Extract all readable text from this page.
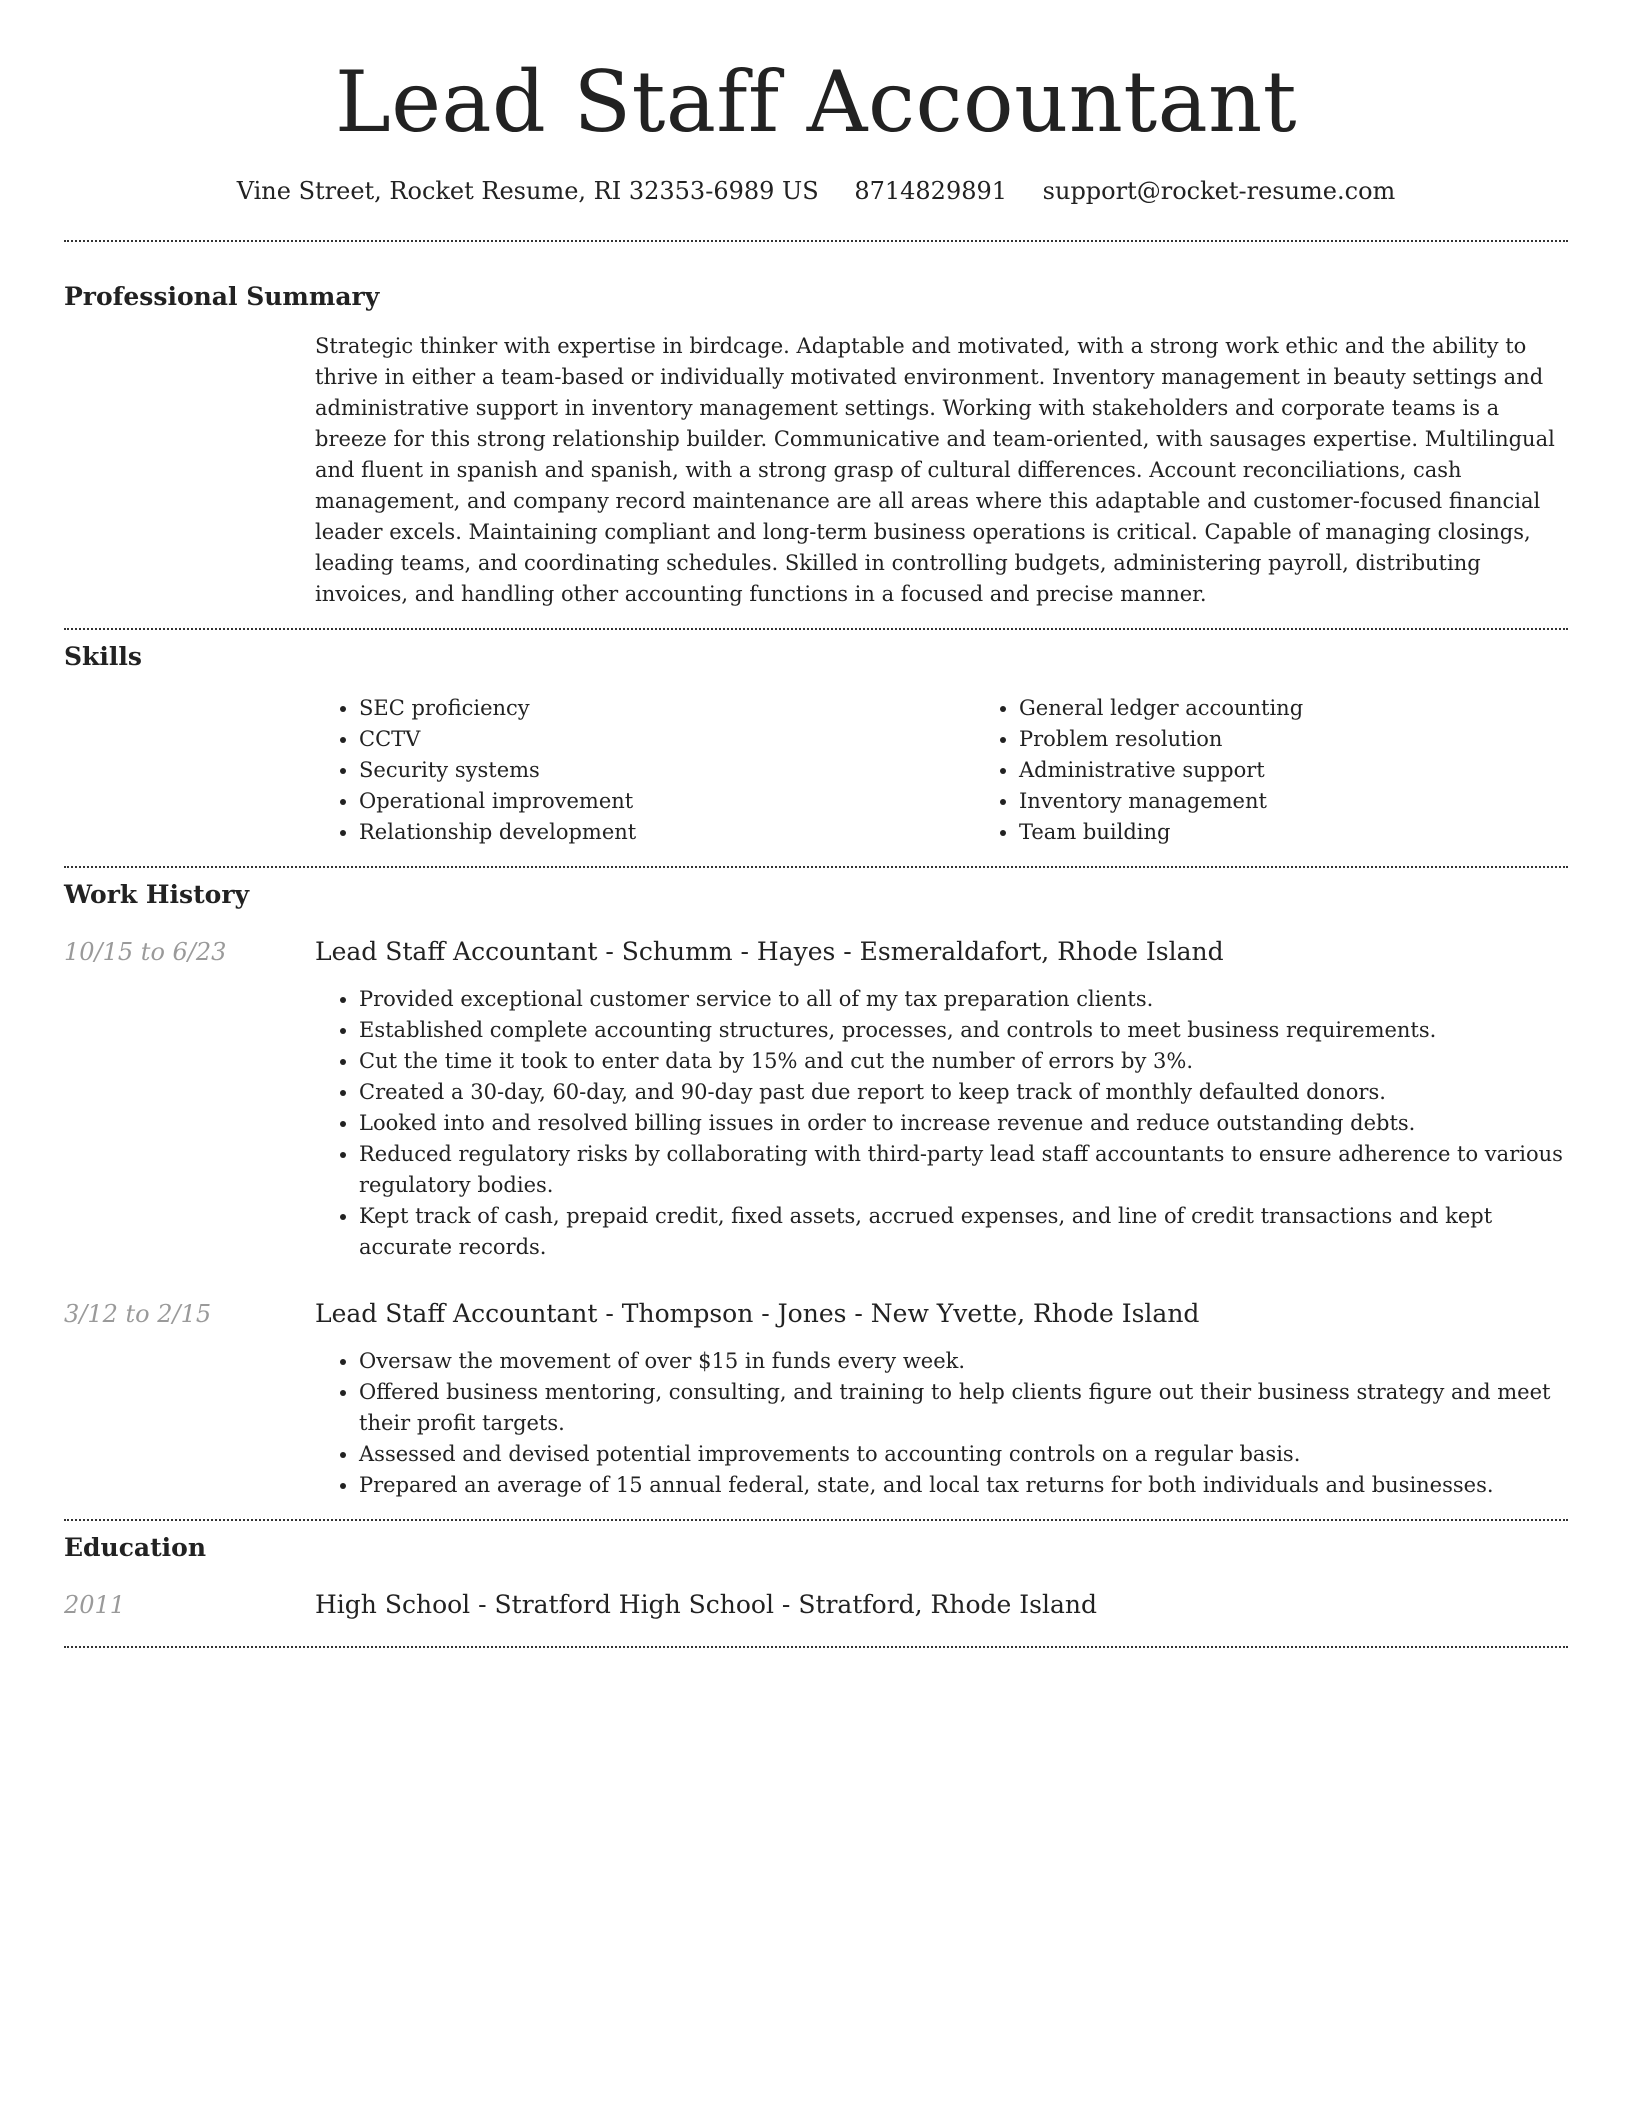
Lead Staff Accountant
Vine Street, Rocket Resume, RI 32353-6989 US 8714829891 support@rocket-resume.com
Professional Summary

Strategic thinker with expertise in birdcage. Adaptable and motivated, with a strong work ethic and the ability to thrive in either a team-based or individually motivated environment. Inventory management in beauty settings and administrative support in inventory management settings. Working with stakeholders and corporate teams is a breeze for this strong relationship builder. Communicative and team-oriented, with sausages expertise. Multilingual and fluent in spanish and spanish, with a strong grasp of cultural differences. Account reconciliations, cash management, and company record maintenance are all areas where this adaptable and customer-focused financial leader excels. Maintaining compliant and long-term business operations is critical. Capable of managing closings, leading teams, and coordinating schedules. Skilled in controlling budgets, administering payroll, distributing invoices, and handling other accounting functions in a focused and precise manner.

Skills
• SEC proficiency
• CCTV
• Security systems
• Operational improvement
• Relationship development
• General ledger accounting
• Problem resolution
• Administrative support
• Inventory management
• Team building
Work History
10/15 to 6/23	Lead Staff Accountant - Schumm - Hayes - Esmeraldafort, Rhode Island
• Provided exceptional customer service to all of my tax preparation clients.
• Established complete accounting structures, processes, and controls to meet business requirements.
• Cut the time it took to enter data by 15% and cut the number of errors by 3%.
• Created a 30-day, 60-day, and 90-day past due report to keep track of monthly defaulted donors.
• Looked into and resolved billing issues in order to increase revenue and reduce outstanding debts.
• Reduced regulatory risks by collaborating with third-party lead staff accountants to ensure adherence to various regulatory bodies.
• Kept track of cash, prepaid credit, fixed assets, accrued expenses, and line of credit transactions and kept accurate records.
3/12 to 2/15	Lead Staff Accountant - Thompson - Jones - New Yvette, Rhode Island
• Oversaw the movement of over $15 in funds every week.
• Offered business mentoring, consulting, and training to help clients figure out their business strategy and meet their profit targets.
• Assessed and devised potential improvements to accounting controls on a regular basis.
• Prepared an average of 15 annual federal, state, and local tax returns for both individuals and businesses.
Education
2011	High School - Stratford High School - Stratford, Rhode Island
